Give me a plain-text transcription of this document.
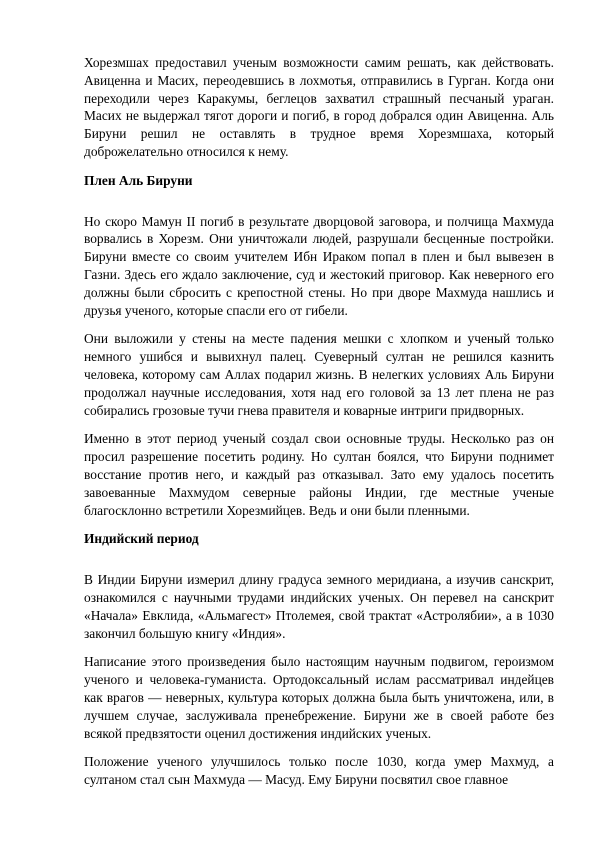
Хорезмшах предоставил ученым возможности самим решать, как действовать. Авиценна и Масих, переодевшись в лохмотья, отправились в Гурган. Когда они переходили через Каракумы, беглецов захватил страшный песчаный ураган. Масих не выдержал тягот дороги и погиб, в город добрался один Авиценна. Аль Бируни решил не оставлять в трудное время Хорезмшаха, который доброжелательно относился к нему.

Плен Аль Бируни

Но скоро Мамун II погиб в результате дворцовой заговора, и полчища Махмуда ворвались в Хорезм. Они уничтожали людей, разрушали бесценные постройки. Бируни вместе со своим учителем Ибн Ираком попал в плен и был вывезен в Газни. Здесь его ждало заключение, суд и жестокий приговор. Как неверного его должны были сбросить с крепостной стены. Но при дворе Махмуда нашлись и друзья ученого, которые спасли его от гибели.

Они выложили у стены на месте падения мешки с хлопком и ученый только немного ушибся и вывихнул палец. Суеверный султан не решился казнить человека, которому сам Аллах подарил жизнь. В нелегких условиях Аль Бируни продолжал научные исследования, хотя над его головой за 13 лет плена не раз собирались грозовые тучи гнева правителя и коварные интриги придворных.

Именно в этот период ученый создал свои основные труды. Несколько раз он просил разрешение посетить родину. Но султан боялся, что Бируни поднимет восстание против него, и каждый раз отказывал. Зато ему удалось посетить завоеванные Махмудом северные районы Индии, где местные ученые благосклонно встретили Хорезмийцев. Ведь и они были пленными.

Индийский период

В Индии Бируни измерил длину градуса земного меридиана, а изучив санскрит, ознакомился с научными трудами индийских ученых. Он перевел на санскрит «Начала» Евклида, «Альмагест» Птолемея, свой трактат «Астролябии», а в 1030 закончил большую книгу «Индия».

Написание этого произведения было настоящим научным подвигом, героизмом ученого и человека-гуманиста. Ортодоксальный ислам рассматривал индейцев как врагов — неверных, культура которых должна была быть уничтожена, или, в лучшем случае, заслуживала пренебрежение. Бируни же в своей работе без всякой предвзятости оценил достижения индийских ученых.

Положение ученого улучшилось только после 1030, когда умер Махмуд, а султаном стал сын Махмуда — Масуд. Ему Бируни посвятил свое главное
